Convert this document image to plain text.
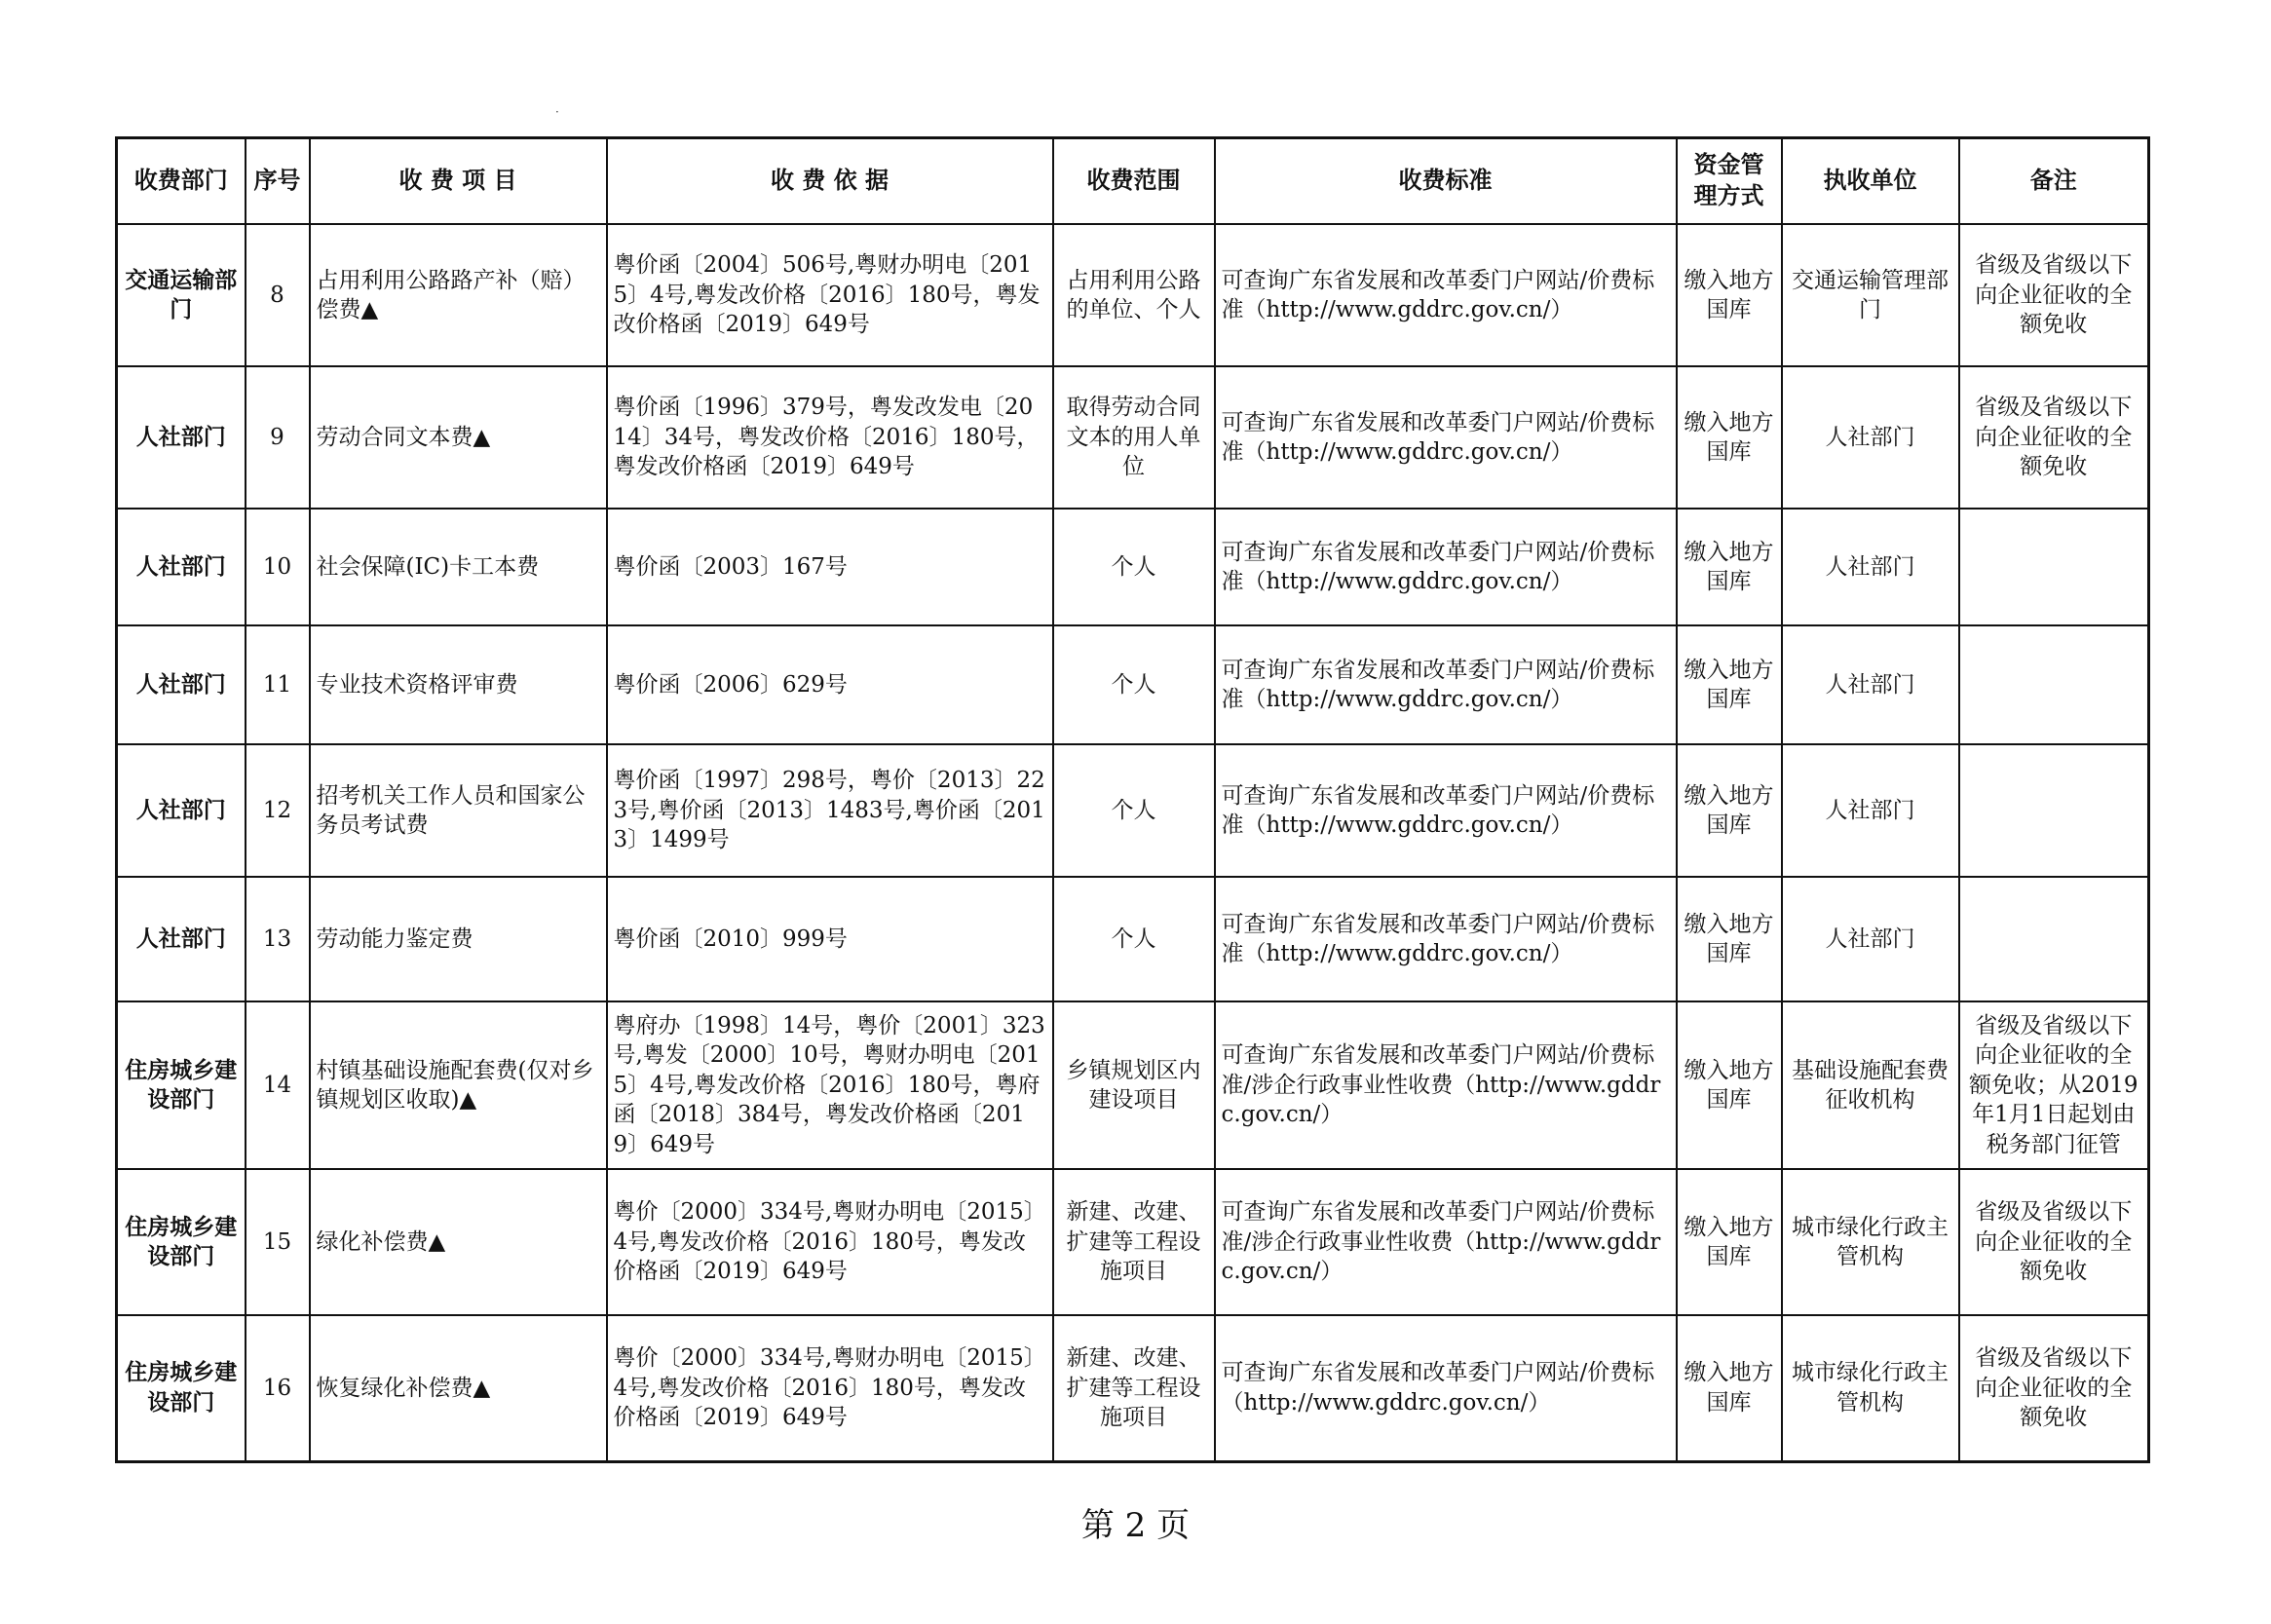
收费部门	序号	收 费 项 目	收 费 依 据	收费范围	收费标准	资金管理方式	执收单位	备注
交通运输部门	8	占用利用公路路产补（赔）偿费▲	粤价函〔2004〕506号,粤财办明电〔2015〕4号,粤发改价格〔2016〕180号，粤发改价格函〔2019〕649号	占用利用公路的单位、个人	可查询广东省发展和改革委门户网站/价费标准（http://www.gddrc.gov.cn/）	缴入地方国库	交通运输管理部门	省级及省级以下向企业征收的全额免收
人社部门	9	劳动合同文本费▲	粤价函〔1996〕379号，粤发改发电〔2014〕34号，粤发改价格〔2016〕180号，粤发改价格函〔2019〕649号	取得劳动合同文本的用人单位	可查询广东省发展和改革委门户网站/价费标准（http://www.gddrc.gov.cn/）	缴入地方国库	人社部门	省级及省级以下向企业征收的全额免收
人社部门	10	社会保障(IC)卡工本费	粤价函〔2003〕167号	个人	可查询广东省发展和改革委门户网站/价费标准（http://www.gddrc.gov.cn/）	缴入地方国库	人社部门	
人社部门	11	专业技术资格评审费	粤价函〔2006〕629号	个人	可查询广东省发展和改革委门户网站/价费标准（http://www.gddrc.gov.cn/）	缴入地方国库	人社部门	
人社部门	12	招考机关工作人员和国家公务员考试费	粤价函〔1997〕298号，粤价〔2013〕223号,粤价函〔2013〕1483号,粤价函〔2013〕1499号	个人	可查询广东省发展和改革委门户网站/价费标准（http://www.gddrc.gov.cn/）	缴入地方国库	人社部门	
人社部门	13	劳动能力鉴定费	粤价函〔2010〕999号	个人	可查询广东省发展和改革委门户网站/价费标准（http://www.gddrc.gov.cn/）	缴入地方国库	人社部门	
住房城乡建设部门	14	村镇基础设施配套费(仅对乡镇规划区收取)▲	粤府办〔1998〕14号，粤价〔2001〕323号,粤发〔2000〕10号，粤财办明电〔2015〕4号,粤发改价格〔2016〕180号，粤府函〔2018〕384号，粤发改价格函〔2019〕649号	乡镇规划区内建设项目	可查询广东省发展和改革委门户网站/价费标准/涉企行政事业性收费（http://www.gddrc.gov.cn/）	缴入地方国库	基础设施配套费征收机构	省级及省级以下向企业征收的全额免收；从2019年1月1日起划由税务部门征管
住房城乡建设部门	15	绿化补偿费▲	粤价〔2000〕334号,粤财办明电〔2015〕4号,粤发改价格〔2016〕180号，粤发改价格函〔2019〕649号	新建、改建、扩建等工程设施项目	可查询广东省发展和改革委门户网站/价费标准/涉企行政事业性收费（http://www.gddrc.gov.cn/）	缴入地方国库	城市绿化行政主管机构	省级及省级以下向企业征收的全额免收
住房城乡建设部门	16	恢复绿化补偿费▲	粤价〔2000〕334号,粤财办明电〔2015〕4号,粤发改价格〔2016〕180号，粤发改价格函〔2019〕649号	新建、改建、扩建等工程设施项目	可查询广东省发展和改革委门户网站/价费标（http://www.gddrc.gov.cn/）	缴入地方国库	城市绿化行政主管机构	省级及省级以下向企业征收的全额免收
第 2 页
·
